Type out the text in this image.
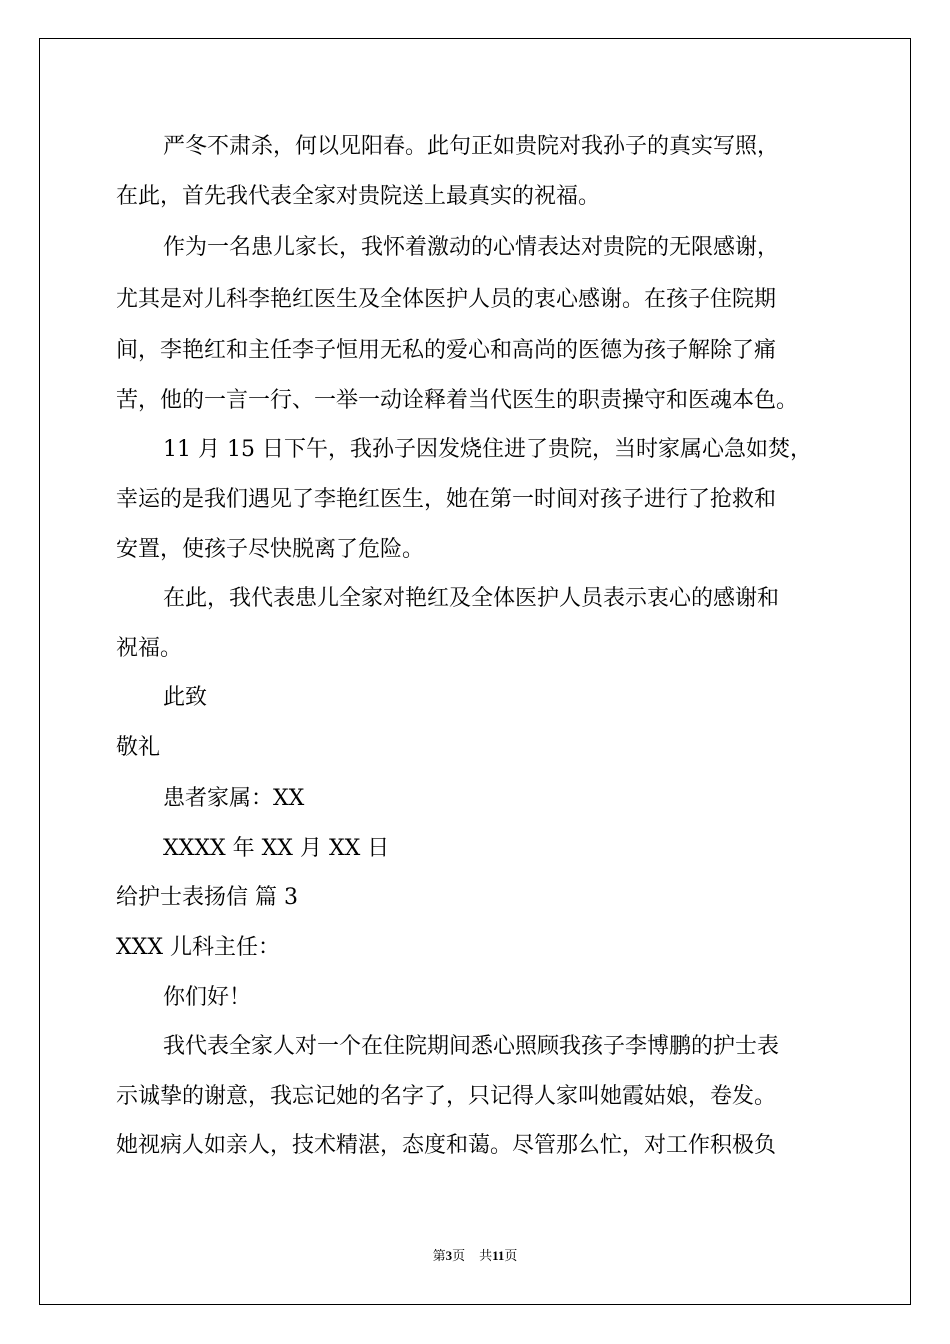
严冬不肃杀，何以见阳春。此句正如贵院对我孙子的真实写照，
在此，首先我代表全家对贵院送上最真实的祝福。
作为一名患儿家长，我怀着激动的心情表达对贵院的无限感谢，
尤其是对儿科李艳红医生及全体医护人员的衷心感谢。在孩子住院期
间，李艳红和主任李子恒用无私的爱心和高尚的医德为孩子解除了痛
苦，他的一言一行、一举一动诠释着当代医生的职责操守和医魂本色。
11 月 15 日下午，我孙子因发烧住进了贵院，当时家属心急如焚，
幸运的是我们遇见了李艳红医生，她在第一时间对孩子进行了抢救和
安置，使孩子尽快脱离了危险。
在此，我代表患儿全家对艳红及全体医护人员表示衷心的感谢和
祝福。
此致
敬礼
患者家属：XX
XXXX 年 XX 月 XX 日
给护士表扬信 篇 3
XXX 儿科主任：
你们好！
我代表全家人对一个在住院期间悉心照顾我孩子李博鹏的护士表
示诚挚的谢意，我忘记她的名字了，只记得人家叫她霞姑娘，卷发。
她视病人如亲人，技术精湛，态度和蔼。尽管那么忙，对工作积极负
第3页 共11页
